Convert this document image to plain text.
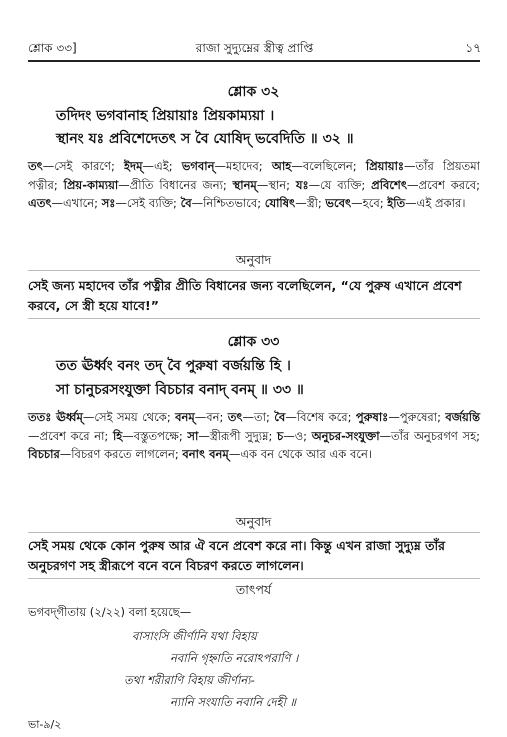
শ্লোক ৩৩]	রাজা সুদ্যুম্নের স্ত্রীত্ব প্রাপ্তি	১৭
শ্লোক ৩২
তদিদং ভগবানাহ প্রিয়ায়াঃ প্রিয়কাম্যয়া ।
স্থানং যঃ প্রবিশেদেতৎ স বৈ যোষিদ্ ভবেদিতি ॥ ৩২ ॥
তৎ—সেই কারণে; ইদম্—এই; ভগবান্—মহাদেব; আহ—বলেছিলেন; প্রিয়ায়াঃ—তাঁর প্রিয়তমা পত্নীর; প্রিয়-কাম্যয়া—প্রীতি বিধানের জন্য; স্থানম্—স্থান; যঃ—যে ব্যক্তি; প্রবিশেৎ—প্রবেশ করবে; এতৎ—এখানে; সঃ—সেই ব্যক্তি; বৈ—নিশ্চিতভাবে; যোষিৎ—স্ত্রী; ভবেৎ—হবে; ইতি—এই প্রকার।
অনুবাদ
সেই জন্য মহাদেব তাঁর পত্নীর প্রীতি বিধানের জন্য বলেছিলেন, “যে পুরুষ এখানে প্রবেশ করবে, সে স্ত্রী হয়ে যাবে!”
শ্লোক ৩৩
তত ঊর্ধ্বং বনং তদ্ বৈ পুরুষা বর্জয়ন্তি হি ।
সা চানুচরসংযুক্তা বিচচার বনাদ্ বনম্ ॥ ৩৩ ॥
ততঃ ঊর্ধ্বম্—সেই সময় থেকে; বনম্—বন; তৎ—তা; বৈ—বিশেষ করে; পুরুষাঃ—পুরুষেরা; বর্জয়ন্তি—প্রবেশ করে না; হি—বস্তুতপক্ষে; সা—স্ত্রীরূপী সুদ্যুম্ন; চ—ও; অনুচর-সংযুক্তা—তাঁর অনুচরগণ সহ; বিচচার—বিচরণ করতে লাগলেন; বনাৎ বনম্—এক বন থেকে আর এক বনে।
অনুবাদ
সেই সময় থেকে কোন পুরুষ আর ঐ বনে প্রবেশ করে না। কিন্তু এখন রাজা সুদ্যুম্ন তাঁর অনুচরগণ সহ স্ত্রীরূপে বনে বনে বিচরণ করতে লাগলেন।
তাৎপর্য
ভগবদ্‌গীতায় (২/২২) বলা হয়েছে—
বাসাংসি জীর্ণানি যথা বিহায়
নবানি গৃহ্নাতি নরোঽপরাণি ।
তথা শরীরাণি বিহায় জীর্ণান্য-
ন্যানি সংযাতি নবানি দেহী ॥
ভা-৯/২
